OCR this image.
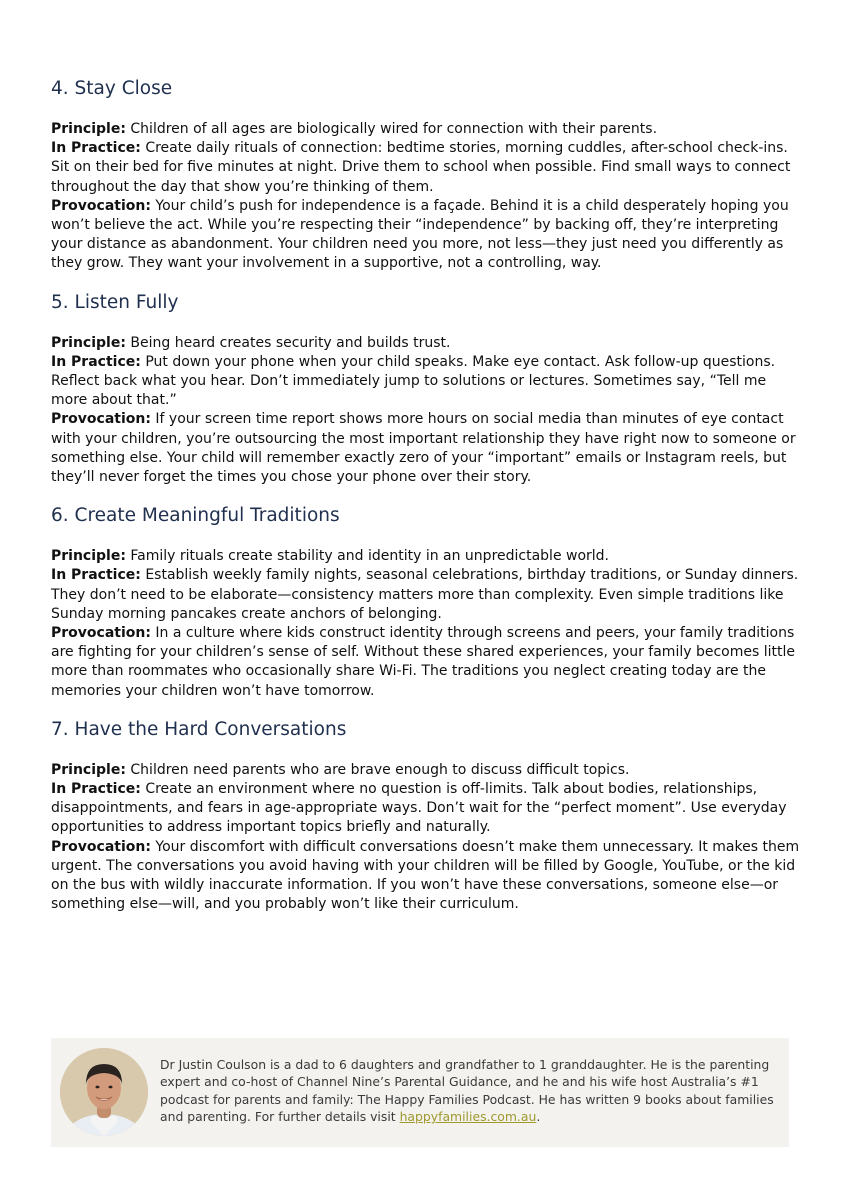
4. Stay Close

Principle: Children of all ages are biologically wired for connection with their parents.

In Practice: Create daily rituals of connection: bedtime stories, morning cuddles, after-school check-ins. Sit on their bed for five minutes at night. Drive them to school when possible. Find small ways to connect throughout the day that show you’re thinking of them.

Provocation: Your child’s push for independence is a façade. Behind it is a child desperately hoping you won’t believe the act. While you’re respecting their “independence” by backing off, they’re interpreting your distance as abandonment. Your children need you more, not less—they just need you differently as they grow. They want your involvement in a supportive, not a controlling, way.

5. Listen Fully

Principle: Being heard creates security and builds trust.

In Practice: Put down your phone when your child speaks. Make eye contact. Ask follow-up questions. Reflect back what you hear. Don’t immediately jump to solutions or lectures. Sometimes say, “Tell me more about that.”

Provocation: If your screen time report shows more hours on social media than minutes of eye contact with your children, you’re outsourcing the most important relationship they have right now to someone or something else. Your child will remember exactly zero of your “important” emails or Instagram reels, but they’ll never forget the times you chose your phone over their story.

6. Create Meaningful Traditions

Principle: Family rituals create stability and identity in an unpredictable world.

In Practice: Establish weekly family nights, seasonal celebrations, birthday traditions, or Sunday dinners. They don’t need to be elaborate—consistency matters more than complexity. Even simple traditions like Sunday morning pancakes create anchors of belonging.

Provocation: In a culture where kids construct identity through screens and peers, your family traditions are fighting for your children’s sense of self. Without these shared experiences, your family becomes little more than roommates who occasionally share Wi-Fi. The traditions you neglect creating today are the memories your children won’t have tomorrow.

7. Have the Hard Conversations

Principle: Children need parents who are brave enough to discuss difficult topics.

In Practice: Create an environment where no question is off-limits. Talk about bodies, relationships, disappointments, and fears in age-appropriate ways. Don’t wait for the “perfect moment”. Use everyday opportunities to address important topics briefly and naturally.

Provocation: Your discomfort with difficult conversations doesn’t make them unnecessary. It makes them urgent. The conversations you avoid having with your children will be filled by Google, YouTube, or the kid on the bus with wildly inaccurate information. If you won’t have these conversations, someone else—or something else—will, and you probably won’t like their curriculum.

Dr Justin Coulson is a dad to 6 daughters and grandfather to 1 granddaughter. He is the parenting expert and co-host of Channel Nine’s Parental Guidance, and he and his wife host Australia’s #1 podcast for parents and family: The Happy Families Podcast. He has written 9 books about families and parenting. For further details visit happyfamilies.com.au.
